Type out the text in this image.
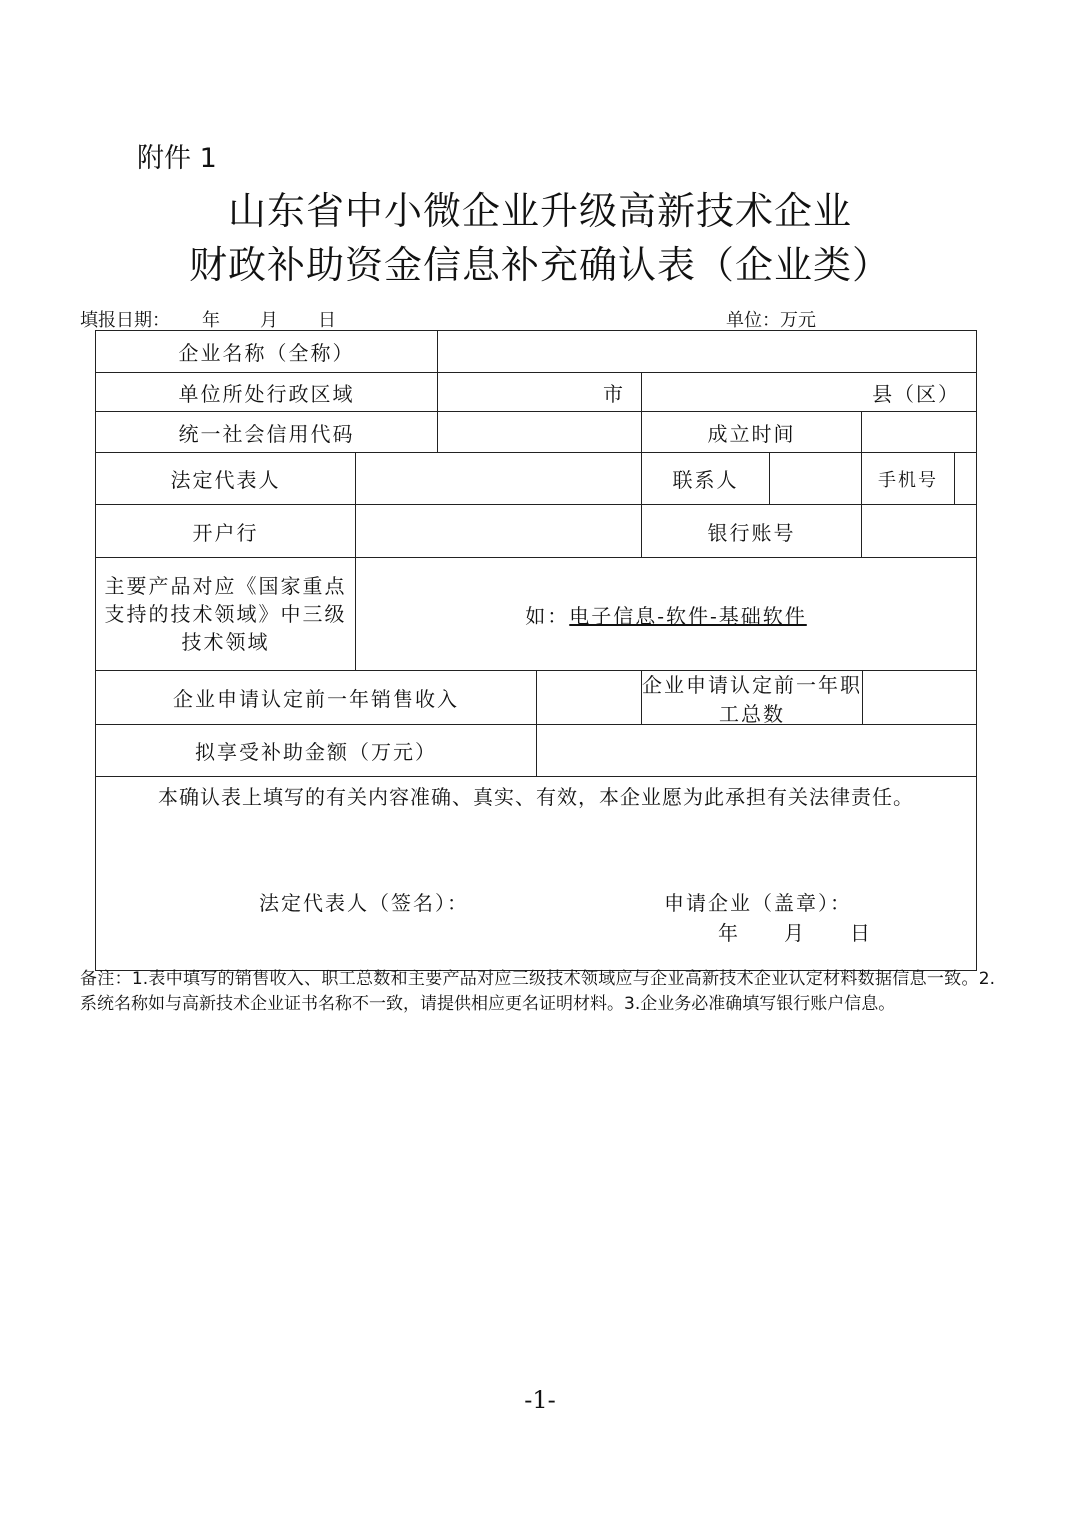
附件 1
山东省中小微企业升级高新技术企业
财政补助资金信息补充确认表（企业类）
填报日期： 年 月 日	单位：万元
企业名称（全称）						
单位所处行政区域		市		县（区）		
统一社会信用代码				成立时间		
法定代表人				联系人		手机号

开户行				银行账号		
主要产品对应《国家重点支持的技术领域》中三级技术领域	如：电子信息-软件-基础软件					
企业申请认定前一年销售收入				企业申请认定前一年职工总数		

拟享受补助金额（万元）						

本确认表上填写的有关内容准确、真实、有效，本企业愿为此承担有关法律责任。
法定代表人（签名）： 申请企业（盖章）：
年 月 日						
备注：1.表中填写的销售收入、职工总数和主要产品对应三级技术领域应与企业高新技术企业认定材料数据信息一致。2.系统名称如与高新技术企业证书名称不一致，请提供相应更名证明材料。3.企业务必准确填写银行账户信息。
-1-
